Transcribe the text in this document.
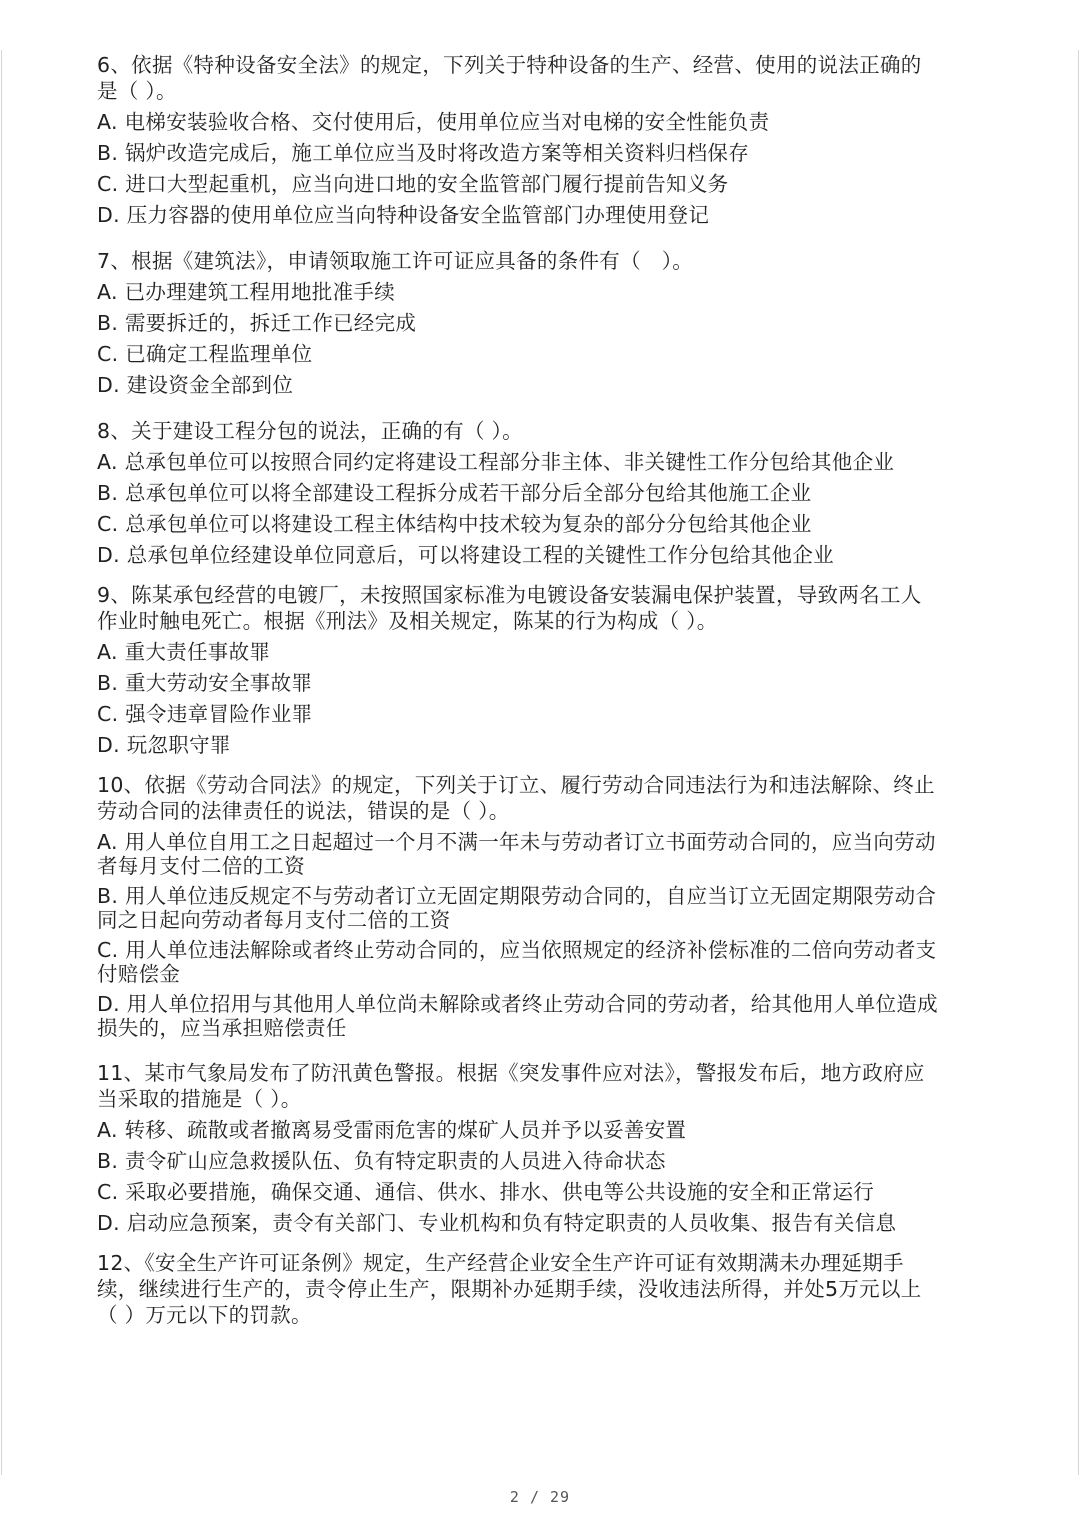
6、依据《特种设备安全法》的规定，下列关于特种设备的生产、经营、使用的说法正确的
是（ ）。
A. 电梯安装验收合格、交付使用后，使用单位应当对电梯的安全性能负责
B. 锅炉改造完成后，施工单位应当及时将改造方案等相关资料归档保存
C. 进口大型起重机，应当向进口地的安全监管部门履行提前告知义务
D. 压力容器的使用单位应当向特种设备安全监管部门办理使用登记
7、根据《建筑法》，申请领取施工许可证应具备的条件有（　）。
A. 已办理建筑工程用地批准手续
B. 需要拆迁的，拆迁工作已经完成
C. 已确定工程监理单位
D. 建设资金全部到位
8、关于建设工程分包的说法，正确的有（ ）。
A. 总承包单位可以按照合同约定将建设工程部分非主体、非关键性工作分包给其他企业
B. 总承包单位可以将全部建设工程拆分成若干部分后全部分包给其他施工企业
C. 总承包单位可以将建设工程主体结构中技术较为复杂的部分分包给其他企业
D. 总承包单位经建设单位同意后，可以将建设工程的关键性工作分包给其他企业
9、陈某承包经营的电镀厂，未按照国家标准为电镀设备安装漏电保护装置，导致两名工人
作业时触电死亡。根据《刑法》及相关规定，陈某的行为构成（ ）。
A. 重大责任事故罪
B. 重大劳动安全事故罪
C. 强令违章冒险作业罪
D. 玩忽职守罪
10、依据《劳动合同法》的规定，下列关于订立、履行劳动合同违法行为和违法解除、终止
劳动合同的法律责任的说法，错误的是（ ）。
A. 用人单位自用工之日起超过一个月不满一年未与劳动者订立书面劳动合同的，应当向劳动
者每月支付二倍的工资
B. 用人单位违反规定不与劳动者订立无固定期限劳动合同的，自应当订立无固定期限劳动合
同之日起向劳动者每月支付二倍的工资
C. 用人单位违法解除或者终止劳动合同的，应当依照规定的经济补偿标准的二倍向劳动者支
付赔偿金
D. 用人单位招用与其他用人单位尚未解除或者终止劳动合同的劳动者，给其他用人单位造成
损失的，应当承担赔偿责任
11、某市气象局发布了防汛黄色警报。根据《突发事件应对法》，警报发布后，地方政府应
当采取的措施是（ ）。
A. 转移、疏散或者撤离易受雷雨危害的煤矿人员并予以妥善安置
B. 责令矿山应急救援队伍、负有特定职责的人员进入待命状态
C. 采取必要措施，确保交通、通信、供水、排水、供电等公共设施的安全和正常运行
D. 启动应急预案，责令有关部门、专业机构和负有特定职责的人员收集、报告有关信息
12、《安全生产许可证条例》规定，生产经营企业安全生产许可证有效期满未办理延期手
续，继续进行生产的，责令停止生产，限期补办延期手续，没收违法所得，并处5万元以上
（ ）万元以下的罚款。
2 / 29
